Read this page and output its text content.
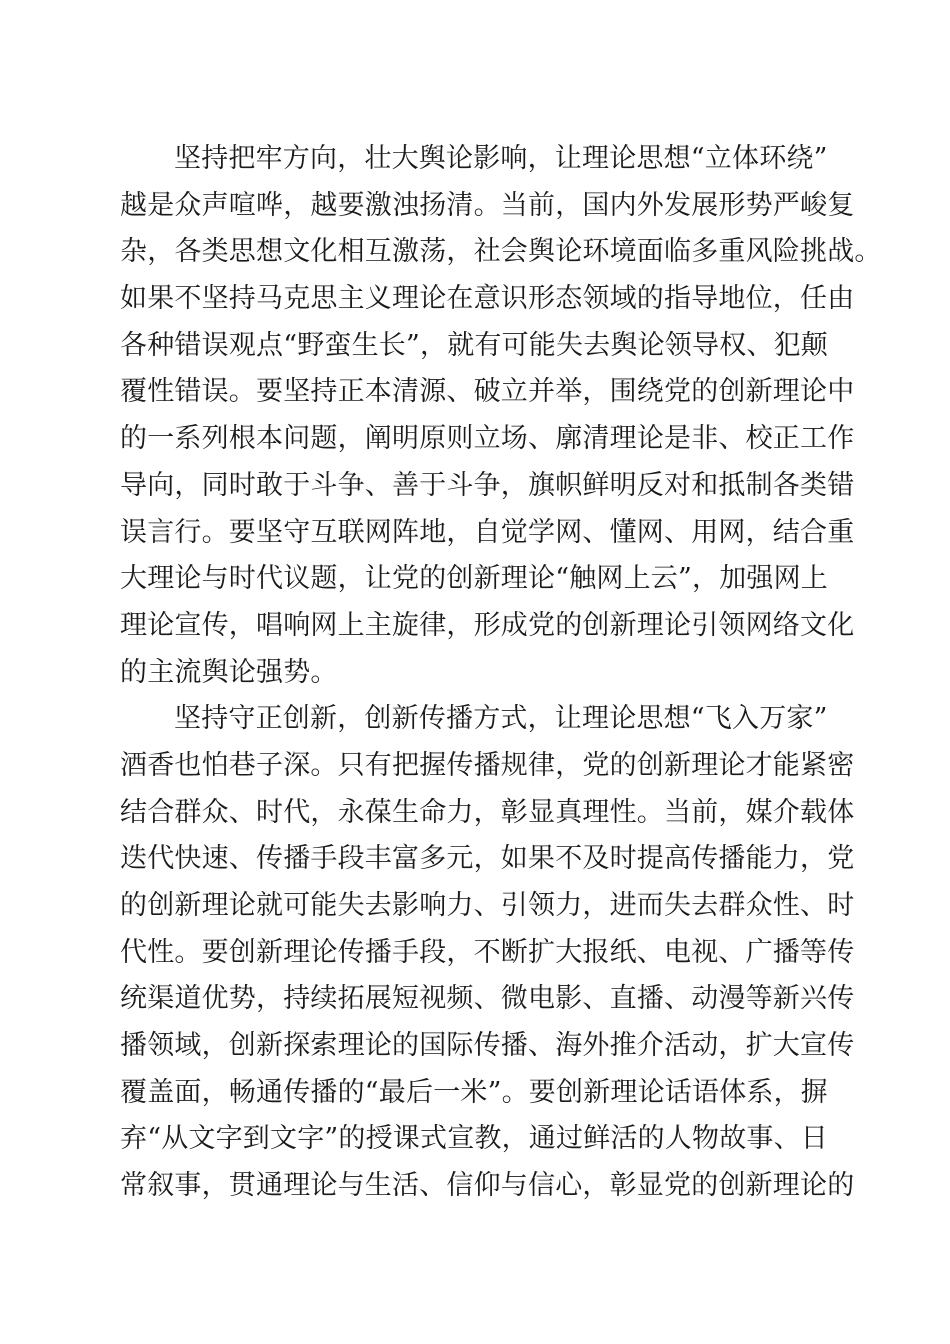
坚持把牢方向，壮大舆论影响，让理论思想“立体环绕”
越是众声喧哗，越要激浊扬清。当前，国内外发展形势严峻复
杂，各类思想文化相互激荡，社会舆论环境面临多重风险挑战。
如果不坚持马克思主义理论在意识形态领域的指导地位，任由
各种错误观点“野蛮生长”，就有可能失去舆论领导权、犯颠
覆性错误。要坚持正本清源、破立并举，围绕党的创新理论中
的一系列根本问题，阐明原则立场、廓清理论是非、校正工作
导向，同时敢于斗争、善于斗争，旗帜鲜明反对和抵制各类错
误言行。要坚守互联网阵地，自觉学网、懂网、用网，结合重
大理论与时代议题，让党的创新理论“触网上云”，加强网上
理论宣传，唱响网上主旋律，形成党的创新理论引领网络文化
的主流舆论强势。
坚持守正创新，创新传播方式，让理论思想“飞入万家”
酒香也怕巷子深。只有把握传播规律，党的创新理论才能紧密
结合群众、时代，永葆生命力，彰显真理性。当前，媒介载体
迭代快速、传播手段丰富多元，如果不及时提高传播能力，党
的创新理论就可能失去影响力、引领力，进而失去群众性、时
代性。要创新理论传播手段，不断扩大报纸、电视、广播等传
统渠道优势，持续拓展短视频、微电影、直播、动漫等新兴传
播领域，创新探索理论的国际传播、海外推介活动，扩大宣传
覆盖面，畅通传播的“最后一米”。要创新理论话语体系，摒
弃“从文字到文字”的授课式宣教，通过鲜活的人物故事、日
常叙事，贯通理论与生活、信仰与信心，彰显党的创新理论的
